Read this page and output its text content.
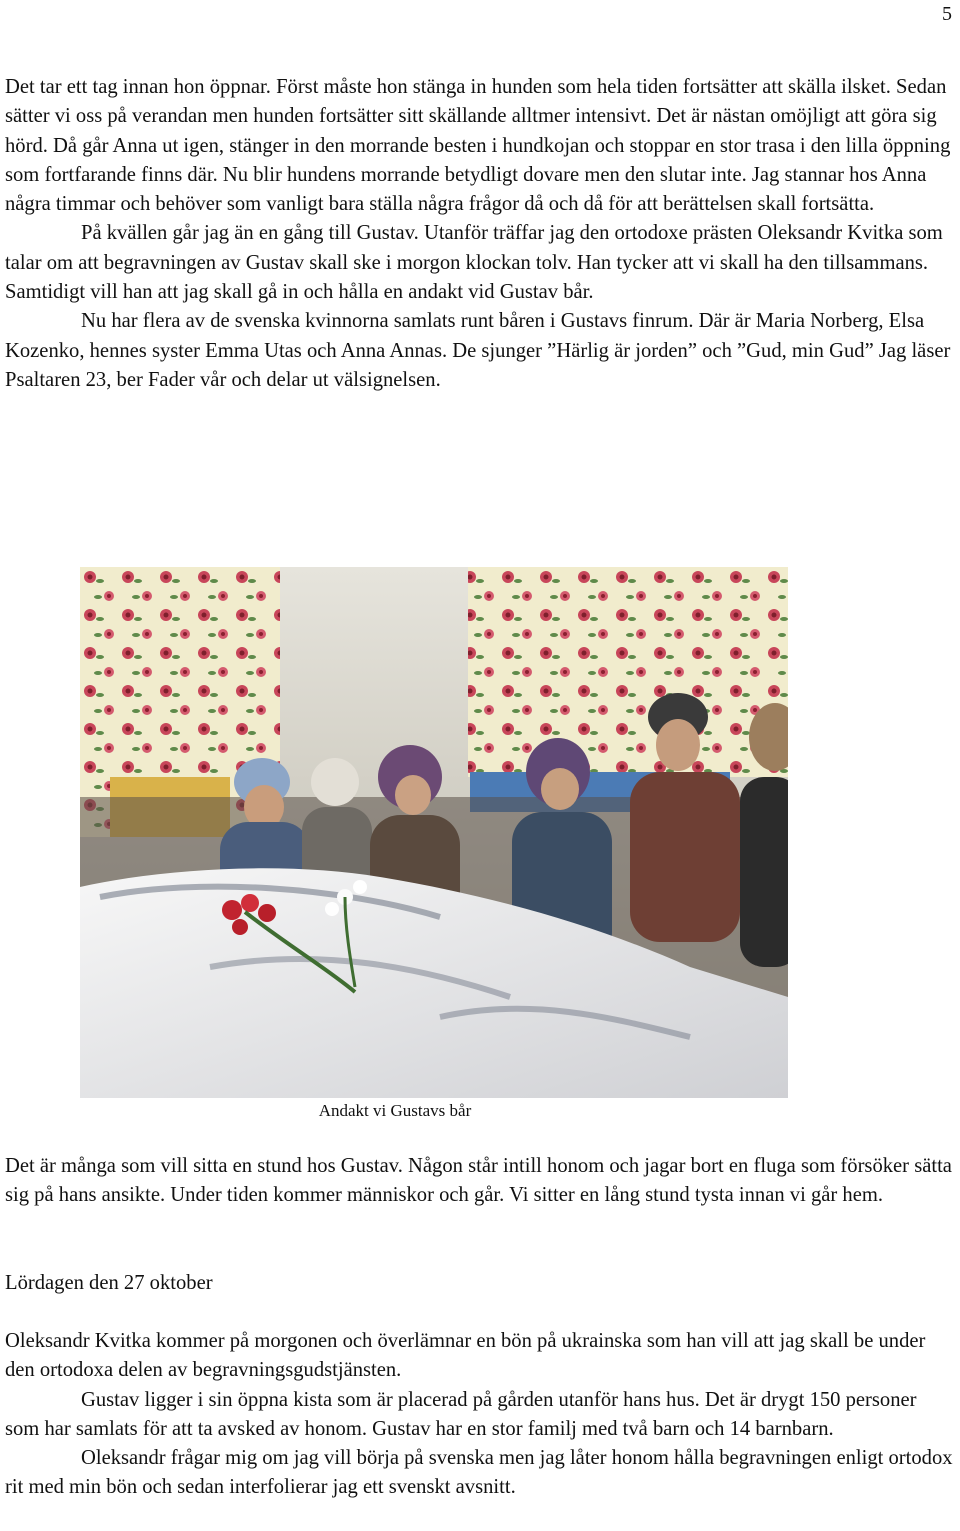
5

Det tar ett tag innan hon öppnar. Först måste hon stänga in hunden som hela tiden fortsätter att skälla ilsket. Sedan sätter vi oss på verandan men hunden fortsätter sitt skällande alltmer intensivt. Det är nästan omöjligt att göra sig hörd. Då går Anna ut igen, stänger in den morrande besten i hundkojan och stoppar en stor trasa i den lilla öppning som fortfarande finns där. Nu blir hundens morrande betydligt dovare men den slutar inte. Jag stannar hos Anna några timmar och behöver som vanligt bara ställa några frågor då och då för att berättelsen skall fortsätta.

På kvällen går jag än en gång till Gustav. Utanför träffar jag den ortodoxe prästen Oleksandr Kvitka som talar om att begravningen av Gustav skall ske i morgon klockan tolv. Han tycker att vi skall ha den tillsammans. Samtidigt vill han att jag skall gå in och hålla en andakt vid Gustav bår.

Nu har flera av de svenska kvinnorna samlats runt båren i Gustavs finrum. Där är Maria Norberg, Elsa Kozenko, hennes syster Emma Utas och Anna Annas. De sjunger ”Härlig är jorden” och ”Gud, min Gud” Jag läser Psaltaren 23, ber Fader vår och delar ut välsignelsen.

Andakt vi Gustavs bår

Det är många som vill sitta en stund hos Gustav. Någon står intill honom och jagar bort en fluga som försöker sätta sig på hans ansikte. Under tiden kommer människor och går. Vi sitter en lång stund tysta innan vi går hem.

Lördagen den 27 oktober

Oleksandr Kvitka kommer på morgonen och överlämnar en bön på ukrainska som han vill att jag skall be under den ortodoxa delen av begravningsgudstjänsten.

Gustav ligger i sin öppna kista som är placerad på gården utanför hans hus. Det är drygt 150 personer som har samlats för att ta avsked av honom. Gustav har en stor familj med två barn och 14 barnbarn.

Oleksandr frågar mig om jag vill börja på svenska men jag låter honom hålla begravningen enligt ortodox rit med min bön och sedan interfolierar jag ett svenskt avsnitt.
